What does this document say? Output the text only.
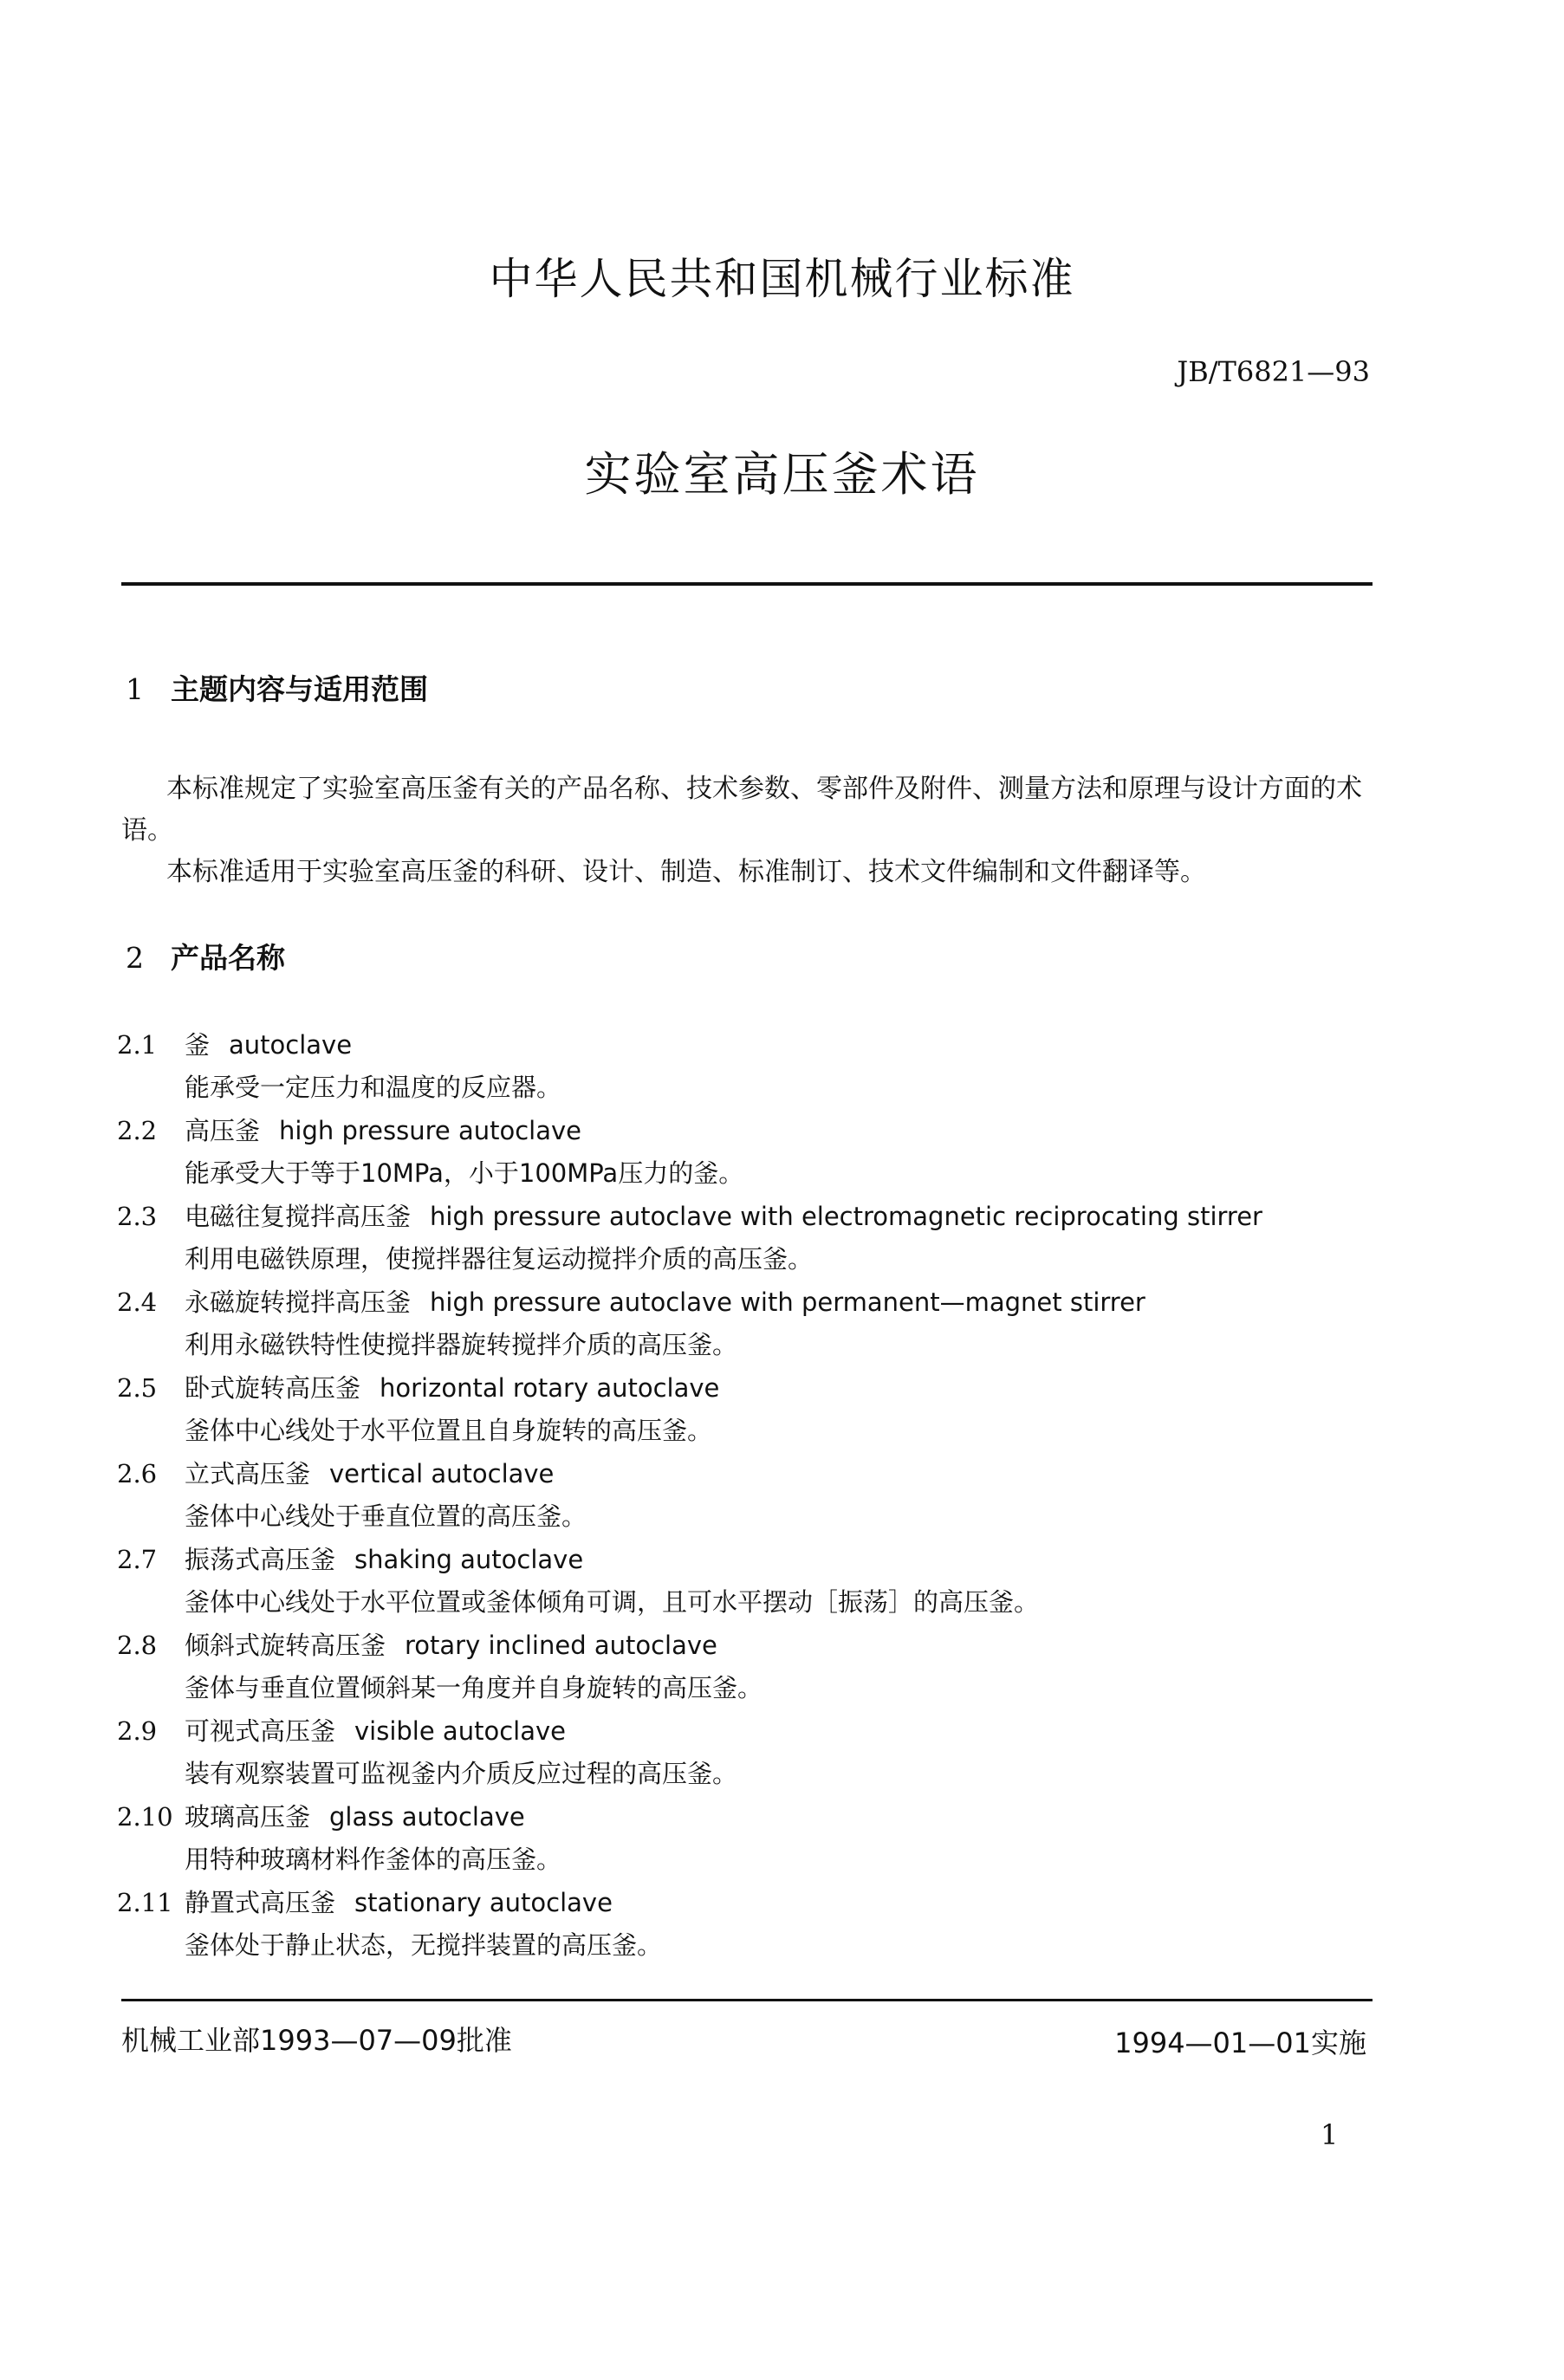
中华人民共和国机械行业标准
JB/T6821—93
实验室高压釜术语
1 主题内容与适用范围

本标准规定了实验室高压釜有关的产品名称、技术参数、零部件及附件、测量方法和原理与设计方面的术语。

本标准适用于实验室高压釜的科研、设计、制造、标准制订、技术文件编制和文件翻译等。

2 产品名称
2.1 釜 autoclave
能承受一定压力和温度的反应器。
2.2 高压釜 high pressure autoclave
能承受大于等于10MPa，小于100MPa压力的釜。
2.3 电磁往复搅拌高压釜 high pressure autoclave with electromagnetic reciprocating stirrer
利用电磁铁原理，使搅拌器往复运动搅拌介质的高压釜。
2.4 永磁旋转搅拌高压釜 high pressure autoclave with permanent—magnet stirrer
利用永磁铁特性使搅拌器旋转搅拌介质的高压釜。
2.5 卧式旋转高压釜 horizontal rotary autoclave
釜体中心线处于水平位置且自身旋转的高压釜。
2.6 立式高压釜 vertical autoclave
釜体中心线处于垂直位置的高压釜。
2.7 振荡式高压釜 shaking autoclave
釜体中心线处于水平位置或釜体倾角可调，且可水平摆动［振荡］的高压釜。
2.8 倾斜式旋转高压釜 rotary inclined autoclave
釜体与垂直位置倾斜某一角度并自身旋转的高压釜。
2.9 可视式高压釜 visible autoclave
装有观察装置可监视釜内介质反应过程的高压釜。
2.10 玻璃高压釜 glass autoclave
用特种玻璃材料作釜体的高压釜。
2.11 静置式高压釜 stationary autoclave
釜体处于静止状态，无搅拌装置的高压釜。
机械工业部1993—07—09批准	1994—01—01实施
1
